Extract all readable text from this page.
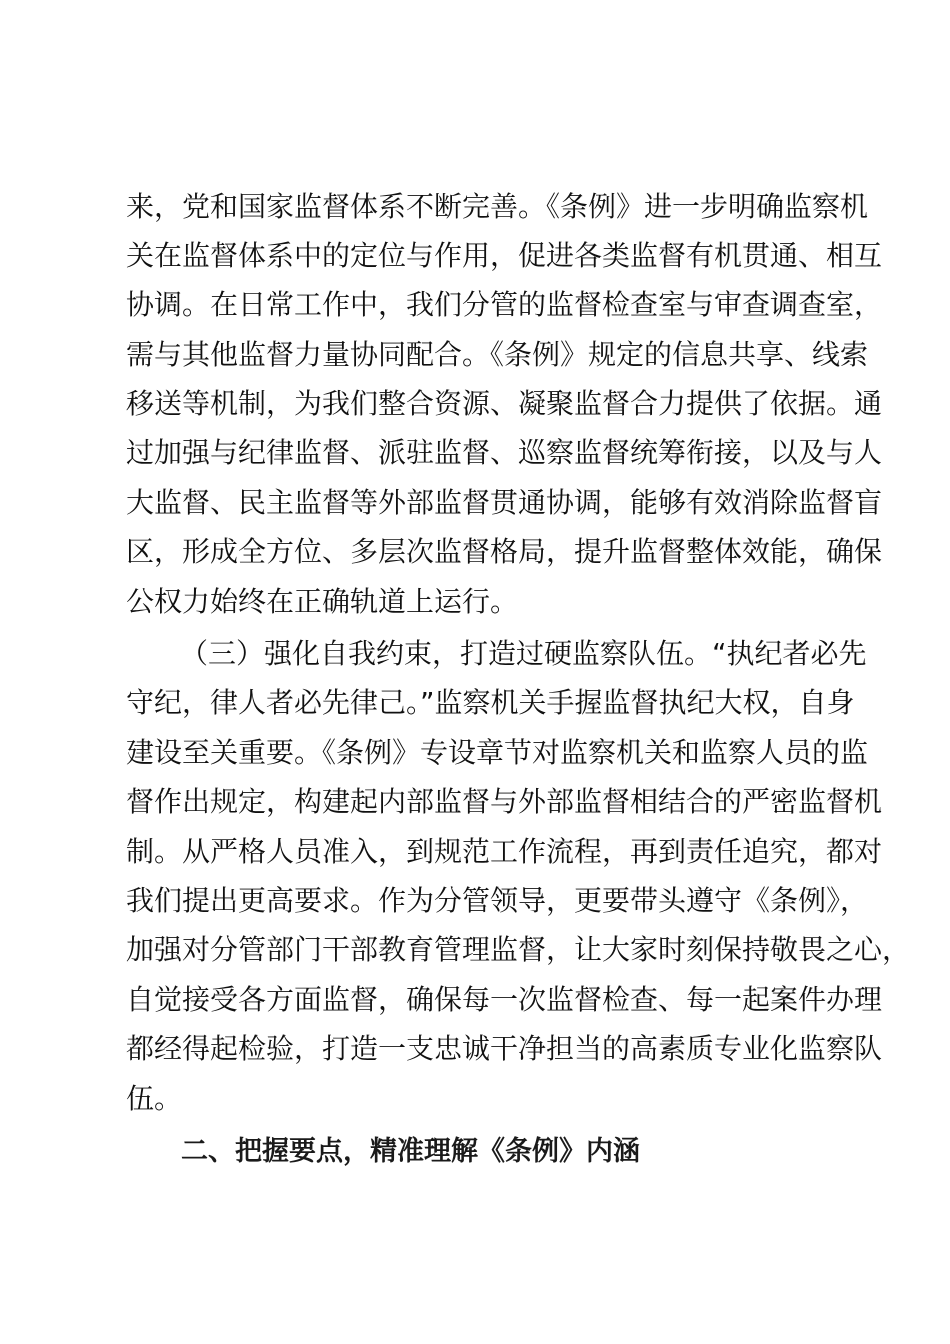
来，党和国家监督体系不断完善。《条例》进一步明确监察机
关在监督体系中的定位与作用，促进各类监督有机贯通、相互
协调。在日常工作中，我们分管的监督检查室与审查调查室，
需与其他监督力量协同配合。《条例》规定的信息共享、线索
移送等机制，为我们整合资源、凝聚监督合力提供了依据。通
过加强与纪律监督、派驻监督、巡察监督统筹衔接，以及与人
大监督、民主监督等外部监督贯通协调，能够有效消除监督盲
区，形成全方位、多层次监督格局，提升监督整体效能，确保
公权力始终在正确轨道上运行。
（三）强化自我约束，打造过硬监察队伍。“执纪者必先
守纪，律人者必先律己。”监察机关手握监督执纪大权，自身
建设至关重要。《条例》专设章节对监察机关和监察人员的监
督作出规定，构建起内部监督与外部监督相结合的严密监督机
制。从严格人员准入，到规范工作流程，再到责任追究，都对
我们提出更高要求。作为分管领导，更要带头遵守《条例》，
加强对分管部门干部教育管理监督，让大家时刻保持敬畏之心，
自觉接受各方面监督，确保每一次监督检查、每一起案件办理
都经得起检验，打造一支忠诚干净担当的高素质专业化监察队
伍。
二、把握要点，精准理解《条例》内涵
